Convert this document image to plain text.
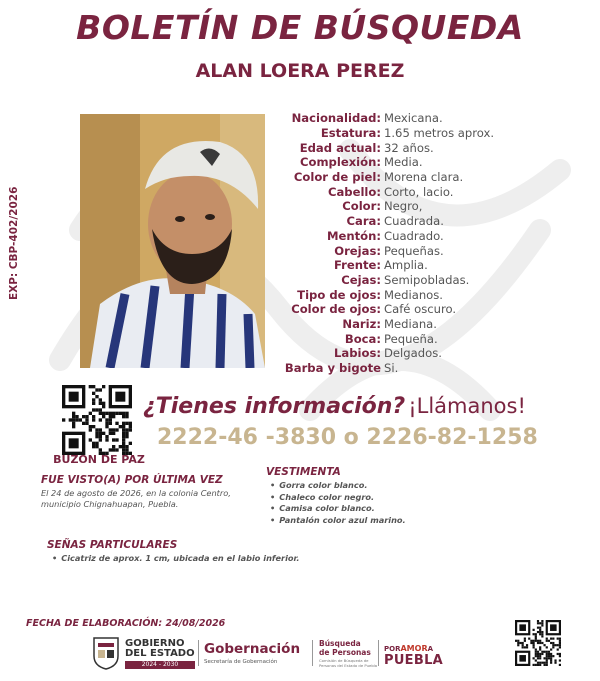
BOLETÍN DE BÚSQUEDA
ALAN LOERA PEREZ
EXP: CBP-402/2026
Nacionalidad: Mexicana.
Estatura: 1.65 metros aprox.
Edad actual: 32 años.
Complexión: Media.
Color de piel: Morena clara.
Cabello: Corto, lacio.
Color: Negro,
Cara: Cuadrada.
Mentón: Cuadrado.
Orejas: Pequeñas.
Frente: Amplia.
Cejas: Semipobladas.
Tipo de ojos: Medianos.
Color de ojos: Café oscuro.
Nariz: Mediana.
Boca: Pequeña.
Labios: Delgados.
Barba y bigote Si.
BUZON DE PAZ
¿Tienes información? ¡Llámanos!
2222-46 -3830 o 2226-82-1258
FUE VISTO(A) POR ÚLTIMA VEZ
El 24 de agosto de 2026, en la colonia Centro, municipio Chignahuapan, Puebla.
VESTIMENTA
• Gorra color blanco.
• Chaleco color negro.
• Camisa color blanco.
• Pantalón color azul marino.
SEÑAS PARTICULARES
• Cicatriz de aprox. 1 cm, ubicada en el labio inferior.
FECHA DE ELABORACIÓN: 24/08/2026
GOBIERNO
DEL ESTADO
2024 - 2030
Gobernación
Secretaría de Gobernación
Búsqueda
de Personas
Comisión de Búsqueda de Personas del Estado de Puebla
PORAMORA
PUEBLA
